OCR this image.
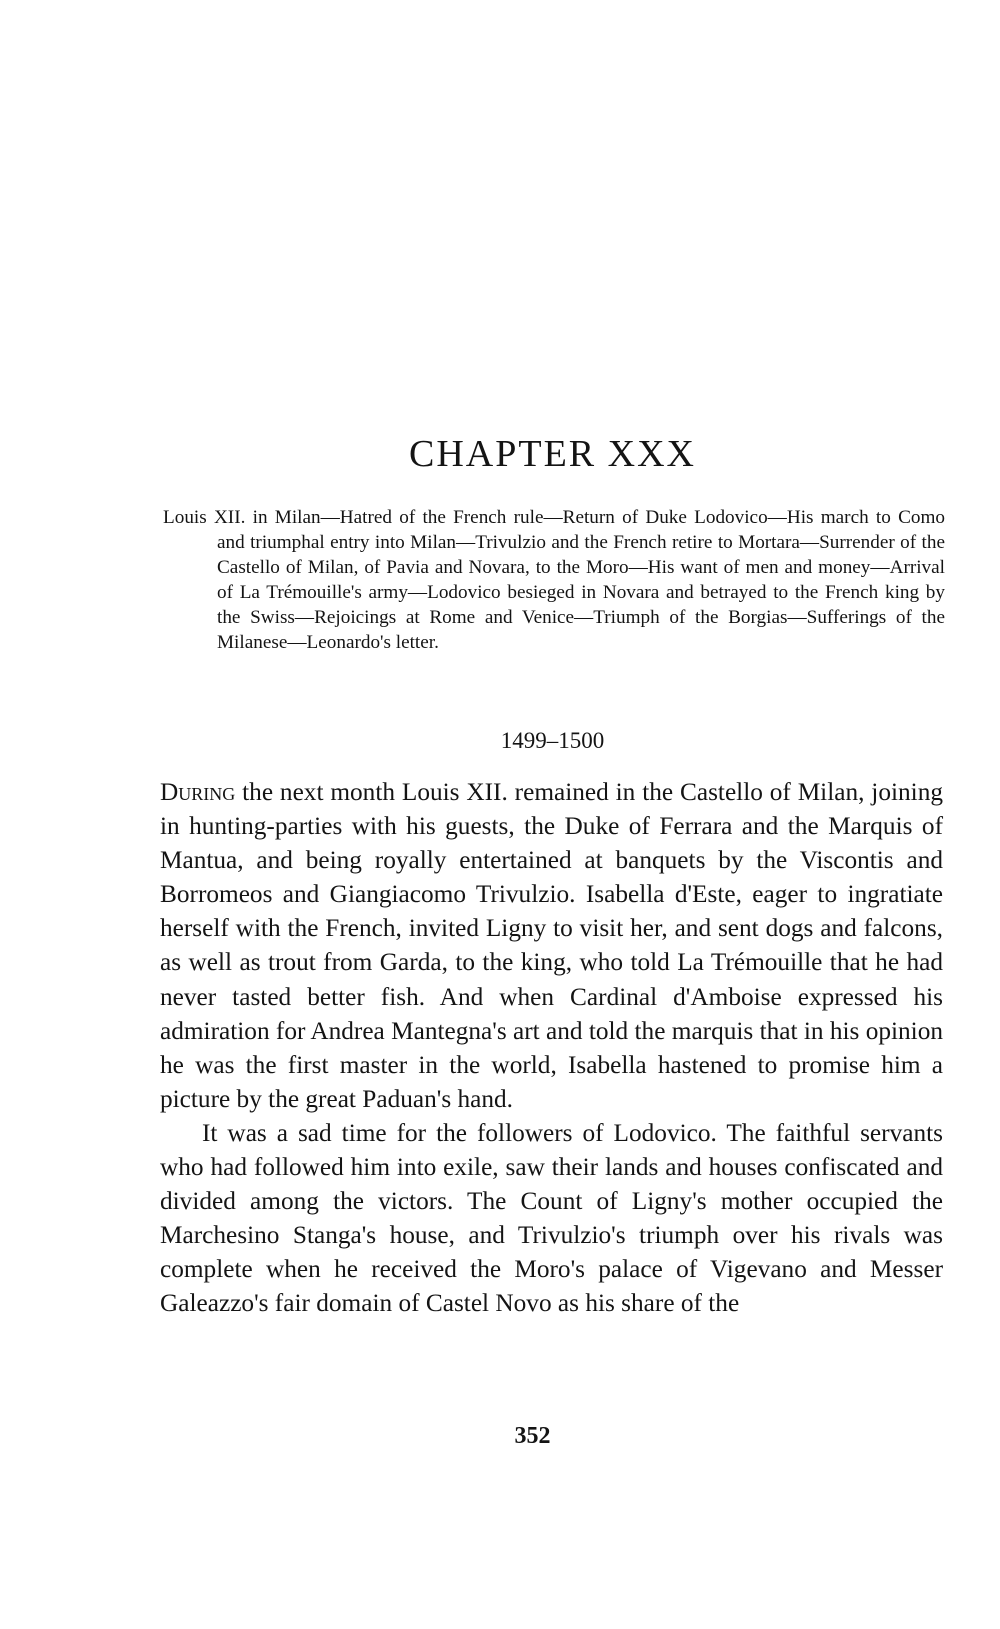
CHAPTER XXX

Louis XII. in Milan—Hatred of the French rule—Return of Duke Lodovico—His march to Como and triumphal entry into Milan—Trivulzio and the French retire to Mortara—Surrender of the Castello of Milan, of Pavia and Novara, to the Moro—His want of men and money—Arrival of La Trémouille's army—Lodovico besieged in Novara and betrayed to the French king by the Swiss—Rejoicings at Rome and Venice—Triumph of the Borgias—Sufferings of the Milanese—Leonardo's letter.

1499–1500

During the next month Louis XII. remained in the Castello of Milan, joining in hunting-parties with his guests, the Duke of Ferrara and the Marquis of Mantua, and being royally entertained at banquets by the Viscontis and Borromeos and Giangiacomo Trivulzio. Isabella d'Este, eager to ingratiate herself with the French, invited Ligny to visit her, and sent dogs and falcons, as well as trout from Garda, to the king, who told La Trémouille that he had never tasted better fish. And when Cardinal d'Amboise expressed his admiration for Andrea Mantegna's art and told the marquis that in his opinion he was the first master in the world, Isabella hastened to promise him a picture by the great Paduan's hand.

It was a sad time for the followers of Lodovico. The faithful servants who had followed him into exile, saw their lands and houses confiscated and divided among the victors. The Count of Ligny's mother occupied the Marchesino Stanga's house, and Trivulzio's triumph over his rivals was complete when he received the Moro's palace of Vigevano and Messer Galeazzo's fair domain of Castel Novo as his share of the

352
